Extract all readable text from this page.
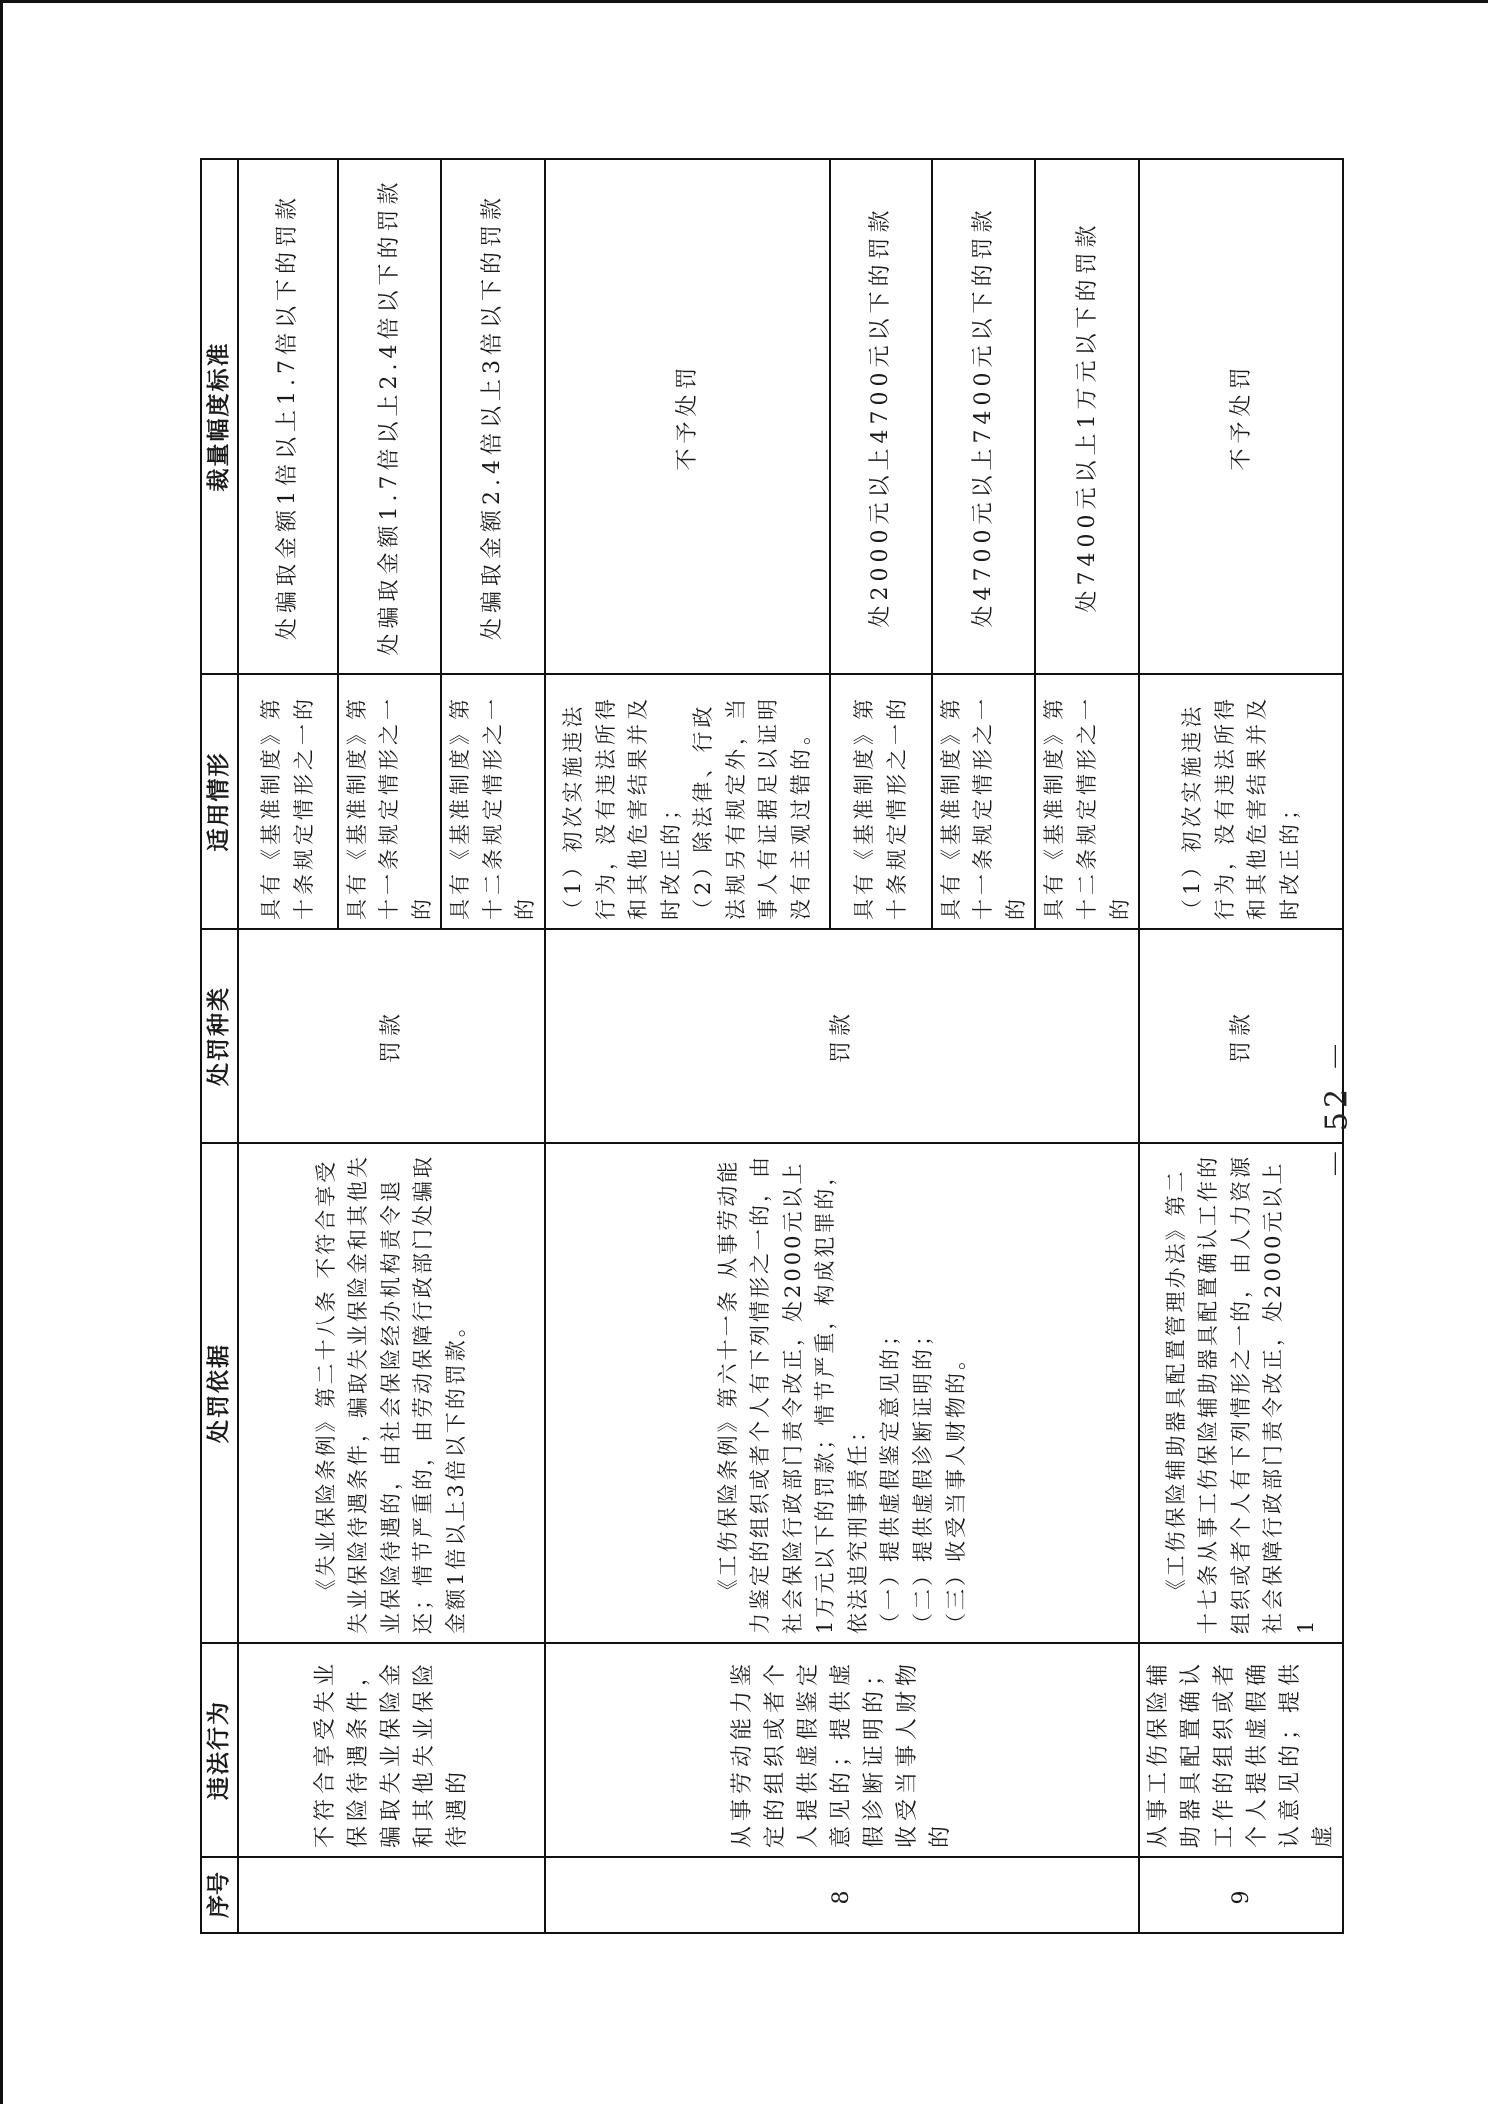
序号	违法行为	处罚依据	处罚种类	适用情形	裁量幅度标准
	不符合享受失业保险待遇条件，骗取失业保险金和其他失业保险待遇的	《失业保险条例》第二十八条 不符合享受失业保险待遇条件，骗取失业保险金和其他失业保险待遇的，由社会保险经办机构责令退还；情节严重的，由劳动保障行政部门处骗取金额1倍以上3倍以下的罚款。	罚款	具有《基准制度》第十条规定情形之一的	处骗取金额1倍以上1.7倍以下的罚款
				具有《基准制度》第十一条规定情形之一的	处骗取金额1.7倍以上2.4倍以下的罚款
				具有《基准制度》第十二条规定情形之一的	处骗取金额2.4倍以上3倍以下的罚款
8	从事劳动能力鉴定的组织或者个人提供虚假鉴定意见的；提供虚假诊断证明的；收受当事人财物的	《工伤保险条例》第六十一条 从事劳动能力鉴定的组织或者个人有下列情形之一的，由社会保险行政部门责令改正，处2000元以上1万元以下的罚款；情节严重，构成犯罪的，依法追究刑事责任： （一）提供虚假鉴定意见的； （二）提供虚假诊断证明的； （三）收受当事人财物的。	罚款	（1）初次实施违法行为，没有违法所得和其他危害结果并及时改正的； （2）除法律、行政法规另有规定外，当事人有证据足以证明没有主观过错的。	不予处罚
				具有《基准制度》第十条规定情形之一的	处2000元以上4700元以下的罚款
				具有《基准制度》第十一条规定情形之一的	处4700元以上7400元以下的罚款
				具有《基准制度》第十二条规定情形之一的	处7400元以上1万元以下的罚款
9	从事工伤保险辅助器具配置确认工作的组织或者个人提供虚假确认意见的；提供虚	《工伤保险辅助器具配置管理办法》第二十七条从事工伤保险辅助器具配置确认工作的组织或者个人有下列情形之一的，由人力资源社会保障行政部门责令改正，处2000元以上1	罚款	（1）初次实施违法行为，没有违法所得和其他危害结果并及时改正的；	不予处罚
－ 52 －
